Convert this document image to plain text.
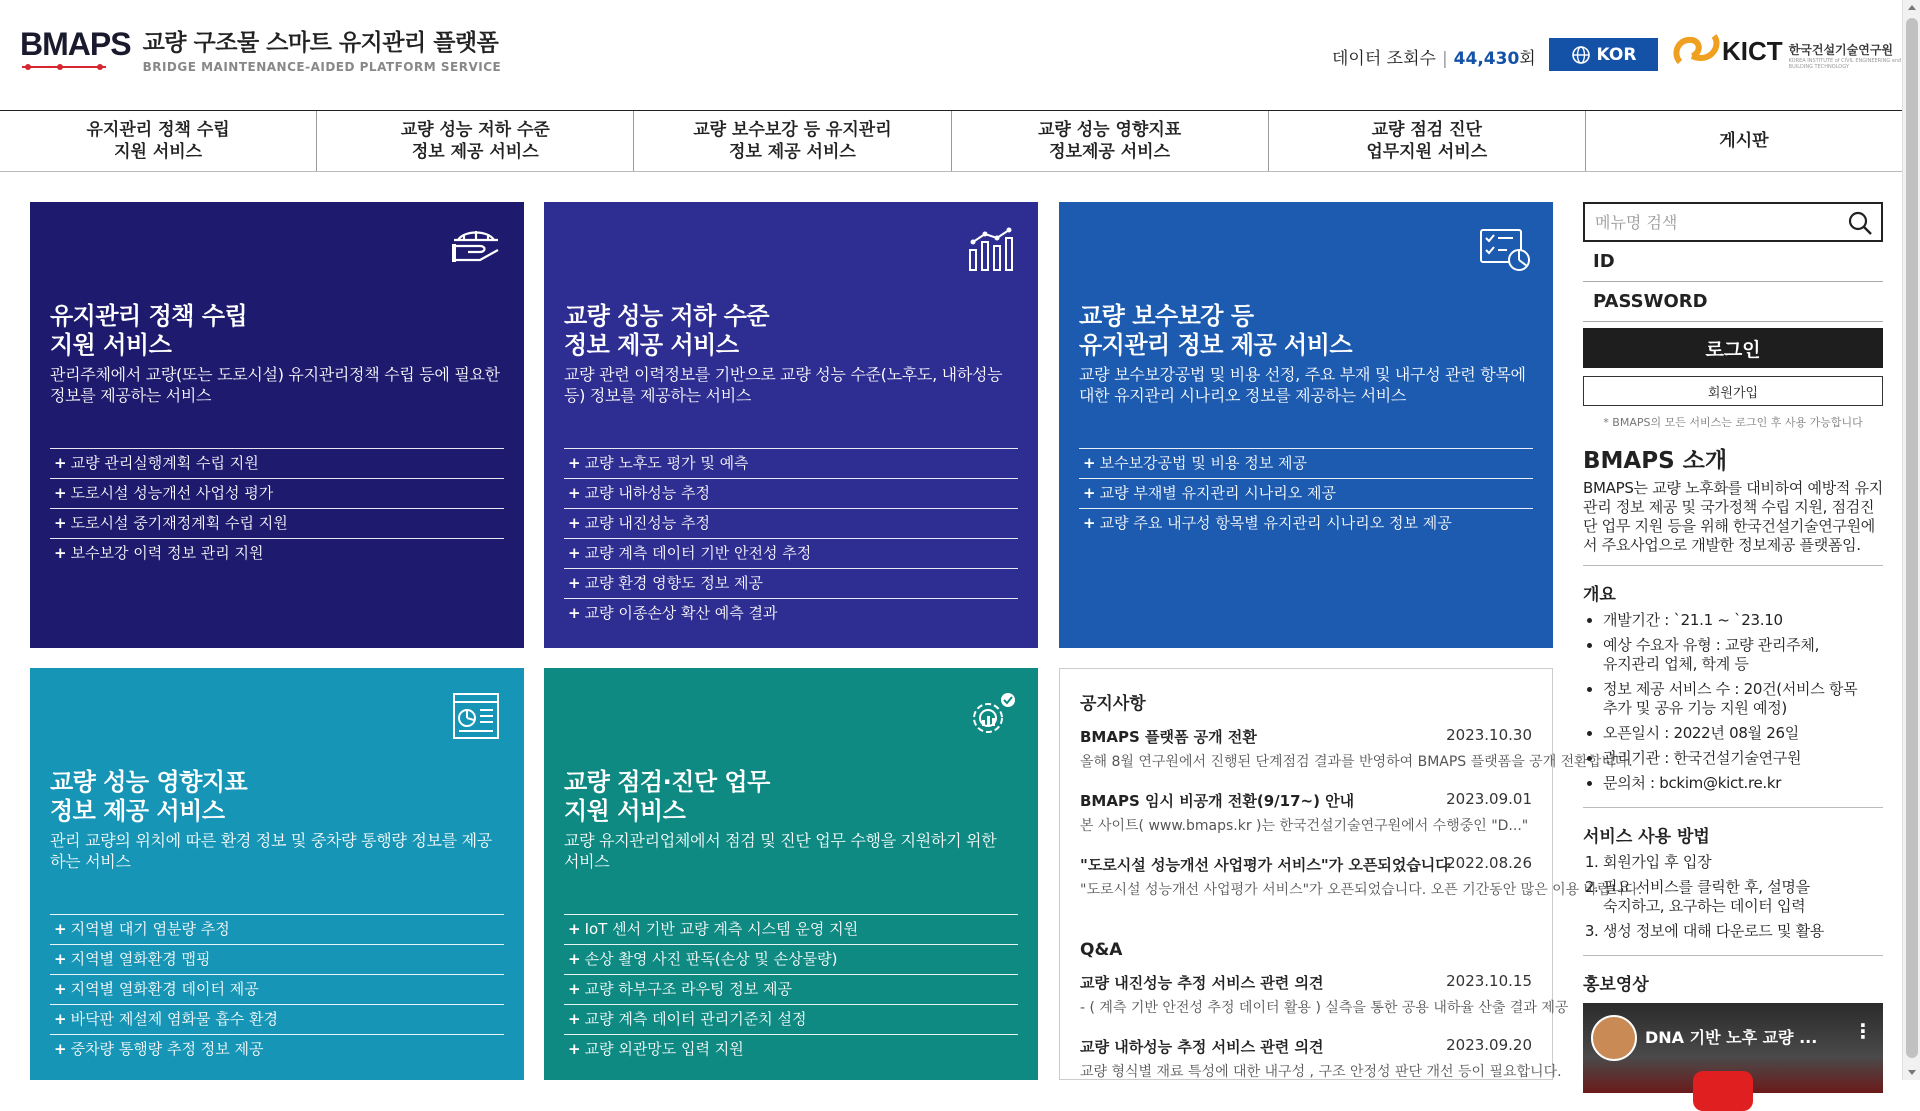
BMAPS 교량 구조물 스마트 유지관리 플랫폼
BRIDGE MAINTENANCE-AIDED PLATFORM SERVICE	데이터 조회수 | 44,430회	KOR	KICT 한국건설기술연구원
KOREA INSTITUTE of CIVIL ENGINEERING and BUILDING TECHNOLOGY
유지관리 정책 수립
지원 서비스
교량 성능 저하 수준
정보 제공 서비스
교량 보수보강 등 유지관리
정보 제공 서비스
교량 성능 영향지표
정보제공 서비스
교량 점검 진단
업무지원 서비스
게시판
유지관리 정책 수립
지원 서비스
관리주체에서 교량(또는 도로시설) 유지관리정책 수립 등에 필요한 정보를 제공하는 서비스
+ 교량 관리실행계획 수립 지원
+ 도로시설 성능개선 사업성 평가
+ 도로시설 중기재정계획 수립 지원
+ 보수보강 이력 정보 관리 지원
교량 성능 저하 수준
정보 제공 서비스
교량 관련 이력정보를 기반으로 교량 성능 수준(노후도, 내하성능 등) 정보를 제공하는 서비스
+ 교량 노후도 평가 및 예측
+ 교량 내하성능 추정
+ 교량 내진성능 추정
+ 교량 계측 데이터 기반 안전성 추정
+ 교량 환경 영향도 정보 제공
+ 교량 이종손상 확산 예측 결과
교량 보수보강 등
유지관리 정보 제공 서비스
교량 보수보강공법 및 비용 선정, 주요 부재 및 내구성 관련 항목에 대한 유지관리 시나리오 정보를 제공하는 서비스
+ 보수보강공법 및 비용 정보 제공
+ 교량 부재별 유지관리 시나리오 제공
+ 교량 주요 내구성 항목별 유지관리 시나리오 정보 제공
교량 성능 영향지표
정보 제공 서비스
관리 교량의 위치에 따른 환경 정보 및 중차량 통행량 정보를 제공하는 서비스
+ 지역별 대기 염분량 추정
+ 지역별 열화환경 맵핑
+ 지역별 열화환경 데이터 제공
+ 바닥판 제설제 염화물 흡수 환경
+ 중차량 통행량 추정 정보 제공
교량 점검·진단 업무
지원 서비스
교량 유지관리업체에서 점검 및 진단 업무 수행을 지원하기 위한 서비스
+ IoT 센서 기반 교량 계측 시스템 운영 지원
+ 손상 촬영 사진 판독(손상 및 손상물량)
+ 교량 하부구조 라우팅 정보 제공
+ 교량 계측 데이터 관리기준치 설정
+ 교량 외관망도 입력 지원
공지사항
BMAPS 플랫폼 공개 전환	2023.10.30
올해 8월 연구원에서 진행된 단계점검 결과를 반영하여 BMAPS 플랫폼을 공개 전환합니다.
BMAPS 임시 비공개 전환(9/17~) 안내	2023.09.01
본 사이트( www.bmaps.kr )는 한국건설기술연구원에서 수행중인 "D..."
"도로시설 성능개선 사업평가 서비스"가 오픈되었습니다
2022.08.26
"도로시설 성능개선 사업평가 서비스"가 오픈되었습니다. 오픈 기간동안 많은 이용 바랍니다.
Q&A
교량 내진성능 추정 서비스 관련 의견	2023.10.15
- ( 계측 기반 안전성 추정 데이터 활용 ) 실측을 통한 공용 내하율 산출 결과 제공
교량 내하성능 추정 서비스 관련 의견	2023.09.20
교량 형식별 재료 특성에 대한 내구성 , 구조 안정성 판단 개선 등이 필요합니다.
메뉴명 검색
ID
PASSWORD
로그인
회원가입
* BMAPS의 모든 서비스는 로그인 후 사용 가능합니다
BMAPS 소개
BMAPS는 교량 노후화를 대비하여 예방적 유지관리 정보 제공 및 국가정책 수립 지원, 점검진단 업무 지원 등을 위해 한국건설기술연구원에서 주요사업으로 개발한 정보제공 플랫폼임.
개요
• 개발기간 : `21.1 ~ `23.10
• 예상 수요자 유형 : 교량 관리주체,
유지관리 업체, 학계 등
• 정보 제공 서비스 수 : 20건(서비스 항목
추가 및 공유 기능 지원 예정)
• 오픈일시 : 2022년 08월 26일
• 관리기관 : 한국건설기술연구원
• 문의처 : bckim@kict.re.kr
서비스 사용 방법
1. 회원가입 후 입장
2. 필요 서비스를 클릭한 후, 설명을
숙지하고, 요구하는 데이터 입력
3. 생성 정보에 대해 다운로드 및 활용
홍보영상
DNA 기반 노후 교량 ... ⋮
